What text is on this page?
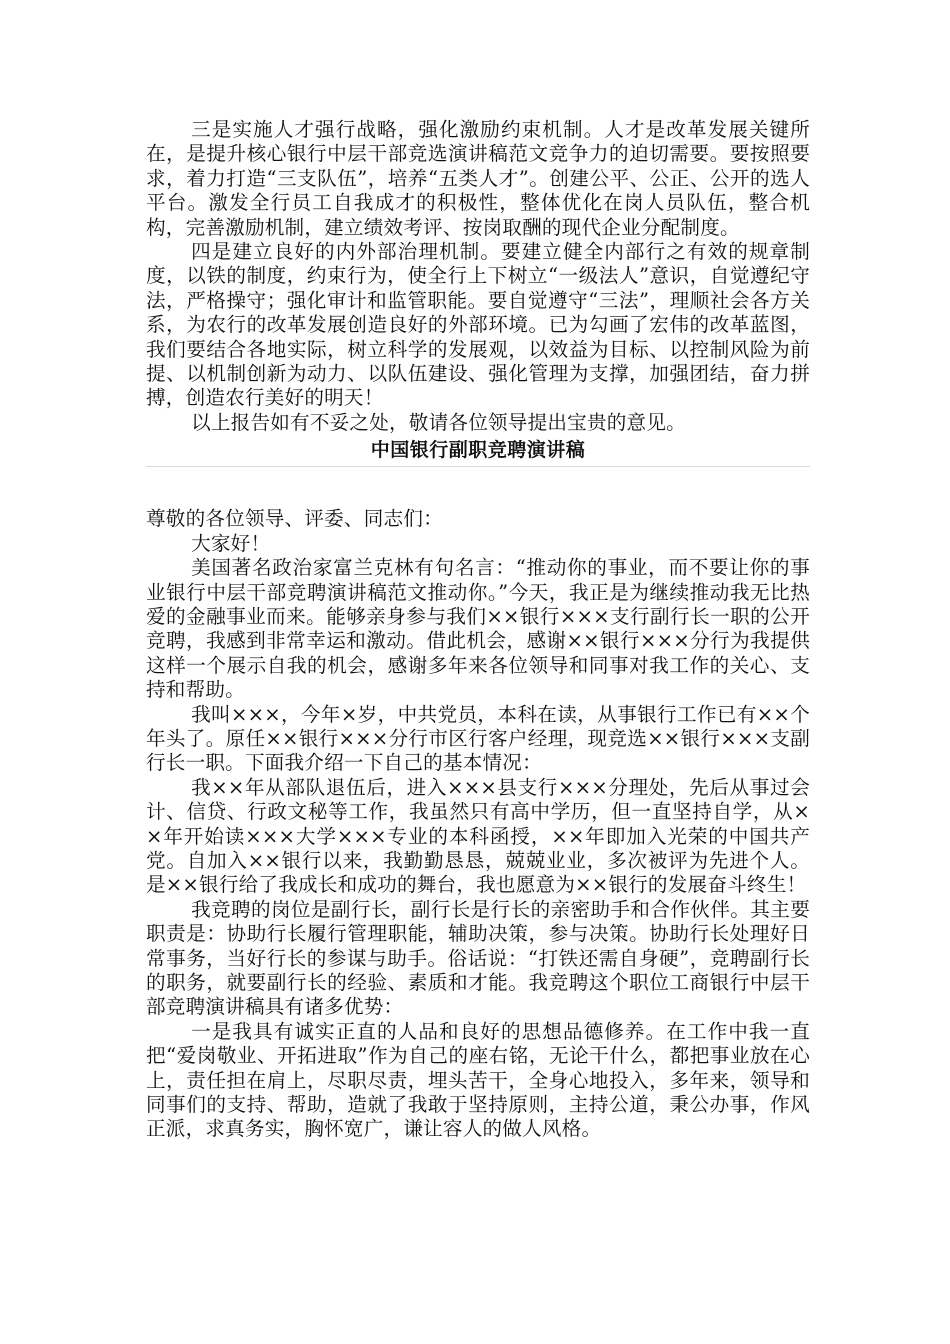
三是实施人才强行战略，强化激励约束机制。人才是改革发展关键所在，是提升核心银行中层干部竞选演讲稿范文竞争力的迫切需要。要按照要求，着力打造“三支队伍”，培养“五类人才”。创建公平、公正、公开的选人平台。激发全行员工自我成才的积极性，整体优化在岗人员队伍，整合机构，完善激励机制，建立绩效考评、按岗取酬的现代企业分配制度。

四是建立良好的内外部治理机制。要建立健全内部行之有效的规章制度，以铁的制度，约束行为，使全行上下树立“一级法人”意识，自觉遵纪守法，严格操守；强化审计和监管职能。要自觉遵守“三法”，理顺社会各方关系，为农行的改革发展创造良好的外部环境。已为勾画了宏伟的改革蓝图，我们要结合各地实际，树立科学的发展观，以效益为目标、以控制风险为前提、以机制创新为动力、以队伍建设、强化管理为支撑，加强团结，奋力拼搏，创造农行美好的明天！

以上报告如有不妥之处，敬请各位领导提出宝贵的意见。

中国银行副职竞聘演讲稿

尊敬的各位领导、评委、同志们：

大家好！

美国著名政治家富兰克林有句名言：“推动你的事业，而不要让你的事业银行中层干部竞聘演讲稿范文推动你。”今天，我正是为继续推动我无比热爱的金融事业而来。能够亲身参与我们××银行×××支行副行长一职的公开竞聘，我感到非常幸运和激动。借此机会，感谢××银行×××分行为我提供这样一个展示自我的机会，感谢多年来各位领导和同事对我工作的关心、支持和帮助。

我叫×××，今年×岁，中共党员，本科在读，从事银行工作已有××个年头了。原任××银行×××分行市区行客户经理，现竞选××银行×××支副行长一职。下面我介绍一下自己的基本情况：

我××年从部队退伍后，进入×××县支行×××分理处，先后从事过会计、信贷、行政文秘等工作，我虽然只有高中学历，但一直坚持自学，从××年开始读×××大学×××专业的本科函授，××年即加入光荣的中国共产党。自加入××银行以来，我勤勤恳恳，兢兢业业，多次被评为先进个人。是××银行给了我成长和成功的舞台，我也愿意为××银行的发展奋斗终生！

我竞聘的岗位是副行长，副行长是行长的亲密助手和合作伙伴。其主要职责是：协助行长履行管理职能，辅助决策，参与决策。协助行长处理好日常事务，当好行长的参谋与助手。俗话说：“打铁还需自身硬”，竞聘副行长的职务，就要副行长的经验、素质和才能。我竞聘这个职位工商银行中层干部竞聘演讲稿具有诸多优势：

一是我具有诚实正直的人品和良好的思想品德修养。在工作中我一直把“爱岗敬业、开拓进取”作为自己的座右铭，无论干什么，都把事业放在心上，责任担在肩上，尽职尽责，埋头苦干，全身心地投入，多年来，领导和同事们的支持、帮助，造就了我敢于坚持原则，主持公道，秉公办事，作风正派，求真务实，胸怀宽广，谦让容人的做人风格。
